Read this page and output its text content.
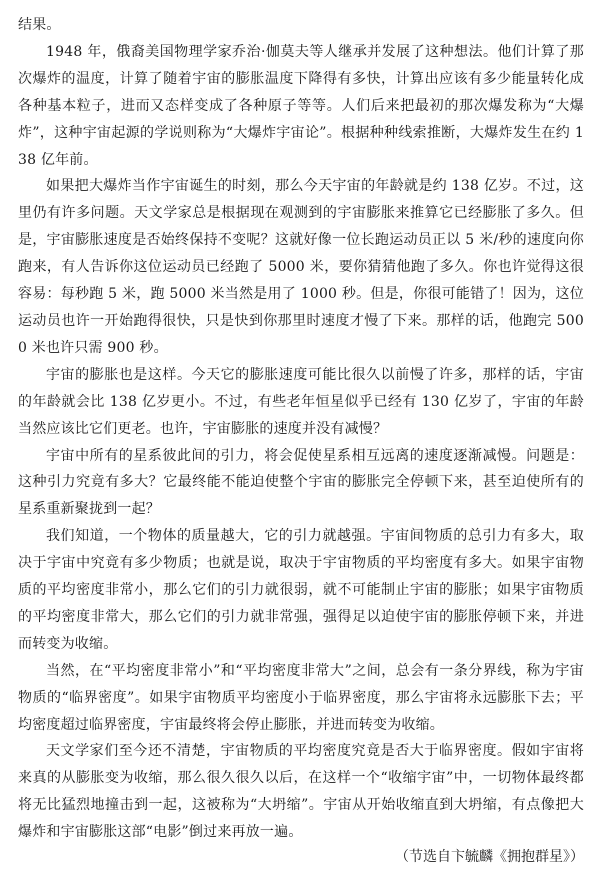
结果。

1948 年，俄裔美国物理学家乔治·伽莫夫等人继承并发展了这种想法。他们计算了那次爆炸的温度，计算了随着宇宙的膨胀温度下降得有多快，计算出应该有多少能量转化成各种基本粒子，进而又态样变成了各种原子等等。人们后来把最初的那次爆发称为“大爆炸”，这种宇宙起源的学说则称为“大爆炸宇宙论”。根据种种线索推断，大爆炸发生在约 138 亿年前。

如果把大爆炸当作宇宙诞生的时刻，那么今天宇宙的年龄就是约 138 亿岁。不过，这里仍有许多问题。天文学家总是根据现在观测到的宇宙膨胀来推算它已经膨胀了多久。但是，宇宙膨胀速度是否始终保持不变呢？这就好像一位长跑运动员正以 5 米/秒的速度向你跑来，有人告诉你这位运动员已经跑了 5000 米，要你猜猜他跑了多久。你也许觉得这很容易：每秒跑 5 米，跑 5000 米当然是用了 1000 秒。但是，你很可能错了！因为，这位运动员也许一开始跑得很快，只是快到你那里时速度才慢了下来。那样的话，他跑完 5000 米也许只需 900 秒。

宇宙的膨胀也是这样。今天它的膨胀速度可能比很久以前慢了许多，那样的话，宇宙的年龄就会比 138 亿岁更小。不过，有些老年恒星似乎已经有 130 亿岁了，宇宙的年龄当然应该比它们更老。也许，宇宙膨胀的速度并没有减慢？

宇宙中所有的星系彼此间的引力，将会促使星系相互远离的速度逐渐减慢。问题是：这种引力究竟有多大？它最终能不能迫使整个宇宙的膨胀完全停顿下来，甚至迫使所有的星系重新聚拢到一起？

我们知道，一个物体的质量越大，它的引力就越强。宇宙间物质的总引力有多大，取决于宇宙中究竟有多少物质；也就是说，取决于宇宙物质的平均密度有多大。如果宇宙物质的平均密度非常小，那么它们的引力就很弱，就不可能制止宇宙的膨胀；如果宇宙物质的平均密度非常大，那么它们的引力就非常强，强得足以迫使宇宙的膨胀停顿下来，并进而转变为收缩。

当然，在“平均密度非常小”和“平均密度非常大”之间，总会有一条分界线，称为宇宙物质的“临界密度”。如果宇宙物质平均密度小于临界密度，那么宇宙将永远膨胀下去；平均密度超过临界密度，宇宙最终将会停止膨胀，并进而转变为收缩。

天文学家们至今还不清楚，宇宙物质的平均密度究竟是否大于临界密度。假如宇宙将来真的从膨胀变为收缩，那么很久很久以后，在这样一个“收缩宇宙”中，一切物体最终都将无比猛烈地撞击到一起，这被称为“大坍缩”。宇宙从开始收缩直到大坍缩，有点像把大爆炸和宇宙膨胀这部“电影”倒过来再放一遍。

（节选自卞毓麟《拥抱群星》）
